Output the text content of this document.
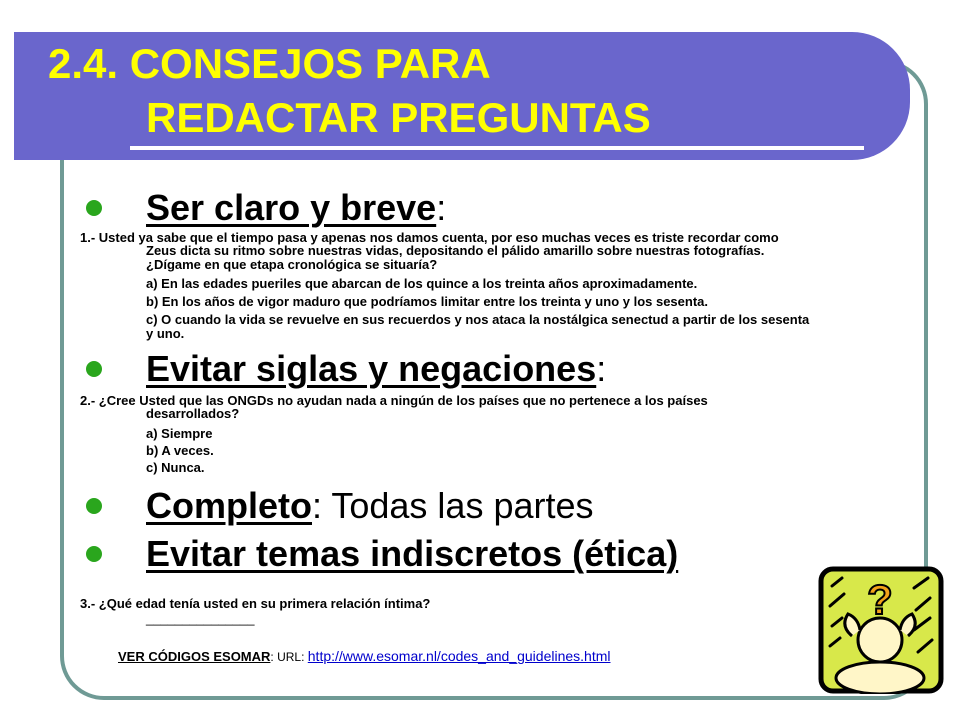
2.4. CONSEJOS PARA
REDACTAR PREGUNTAS
Ser claro y breve:
1.- Usted ya sabe que el tiempo pasa y apenas nos damos cuenta, por eso muchas veces es triste recordar como
Zeus dicta su ritmo sobre nuestras vidas, depositando el pálido amarillo sobre nuestras fotografías.
¿Dígame en que etapa cronológica se situaría?
a) En las edades pueriles que abarcan de los quince a los treinta años aproximadamente.
b) En los años de vigor maduro que podríamos limitar entre los treinta y uno y los sesenta.
c) O cuando la vida se revuelve en sus recuerdos y nos ataca la nostálgica senectud a partir de los sesenta
y uno.
Evitar siglas y negaciones:
2.- ¿Cree Usted que las ONGDs no ayudan nada a ningún de los países que no pertenece a los países
desarrollados?
a) Siempre
b) A veces.
c) Nunca.
Completo: Todas las partes
Evitar temas indiscretos (ética)
3.- ¿Qué edad tenía usted en su primera relación íntima?
_______________
VER CÓDIGOS ESOMAR: URL: http://www.esomar.nl/codes_and_guidelines.html
?
